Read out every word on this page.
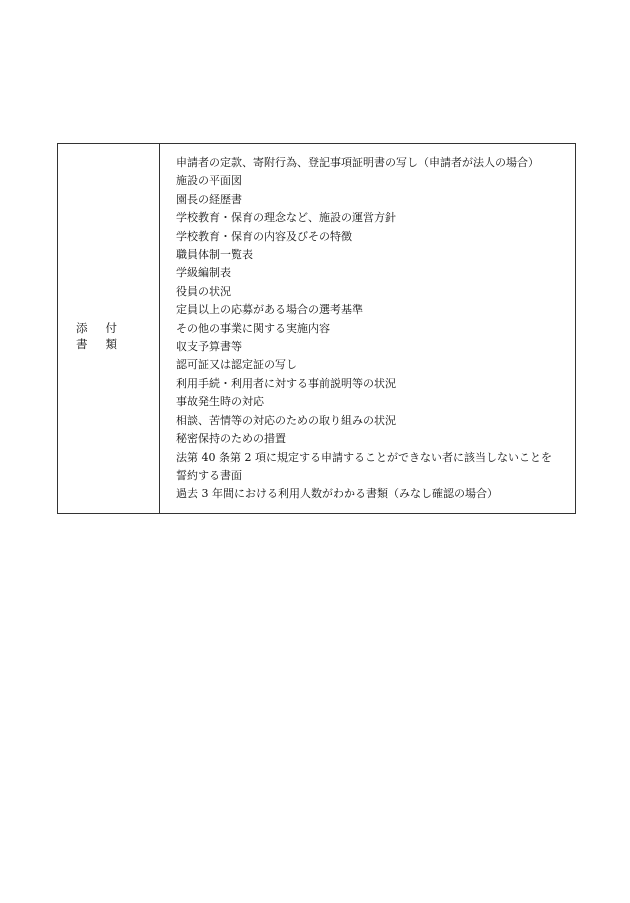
添付書類

申請者の定款、寄附行為、登記事項証明書の写し（申請者が法人の場合）

施設の平面図

園長の経歴書

学校教育・保育の理念など、施設の運営方針

学校教育・保育の内容及びその特徴

職員体制一覧表

学級編制表

役員の状況

定員以上の応募がある場合の選考基準

その他の事業に関する実施内容

収支予算書等

認可証又は認定証の写し

利用手続・利用者に対する事前説明等の状況

事故発生時の対応

相談、苦情等の対応のための取り組みの状況

秘密保持のための措置

法第 40 条第 2 項に規定する申請することができない者に該当しないことを

誓約する書面

過去 3 年間における利用人数がわかる書類（みなし確認の場合）
